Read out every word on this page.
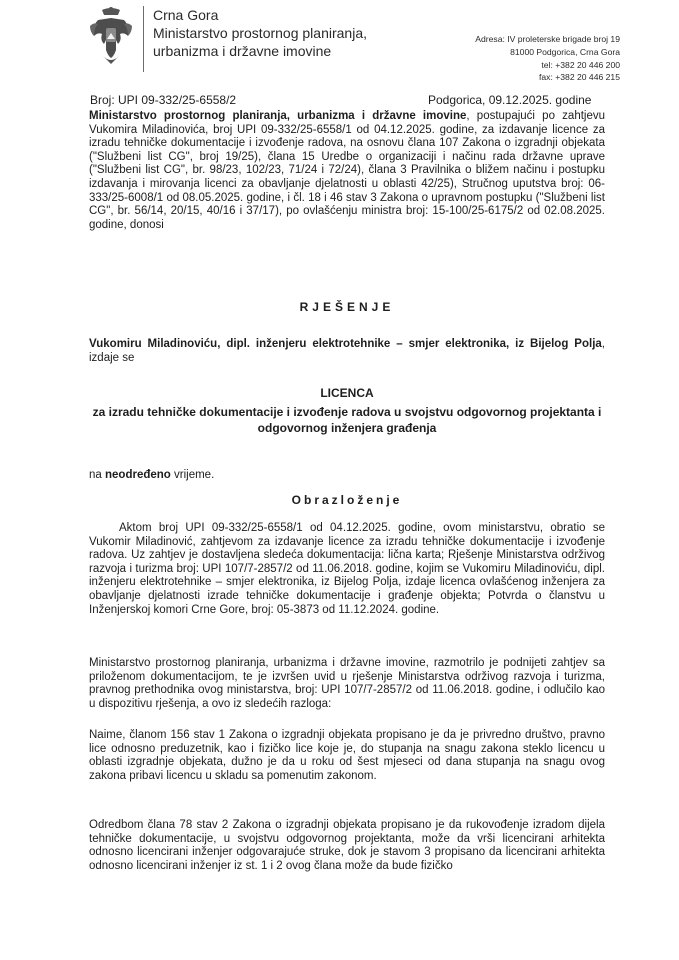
Crna Gora
Ministarstvo prostornog planiranja,
urbanizma i državne imovine
Adresa: IV proleterske brigade broj 19
81000 Podgorica, Crna Gora
tel: +382 20 446 200
fax: +382 20 446 215
Broj: UPI 09-332/25-6558/2	Podgorica, 09.12.2025. godine
Ministarstvo prostornog planiranja, urbanizma i državne imovine, postupajući po zahtjevu Vukomira Miladinovića, broj UPI 09-332/25-6558/1 od 04.12.2025. godine, za izdavanje licence za izradu tehničke dokumentacije i izvođenje radova, na osnovu člana 107 Zakona o izgradnji objekata ("Službeni list CG", broj 19/25), člana 15 Uredbe o organizaciji i načinu rada državne uprave ("Službeni list CG", br. 98/23, 102/23, 71/24 i 72/24), člana 3 Pravilnika o bližem načinu i postupku izdavanja i mirovanja licenci za obavljanje djelatnosti u oblasti 42/25), Stručnog uputstva broj: 06-333/25-6008/1 od 08.05.2025. godine, i čl. 18 i 46 stav 3 Zakona o upravnom postupku ("Službeni list CG", br. 56/14, 20/15, 40/16 i 37/17), po ovlašćenju ministra broj: 15-100/25-6175/2 od 02.08.2025. godine, donosi
RJEŠENJE
Vukomiru Miladinoviću, dipl. inženjeru elektrotehnike – smjer elektronika, iz Bijelog Polja, izdaje se
LICENCA
za izradu tehničke dokumentacije i izvođenje radova u svojstvu odgovornog projektanta i odgovornog inženjera građenja
na neodređeno vrijeme.
Obrazloženje
Aktom broj UPI 09-332/25-6558/1 od 04.12.2025. godine, ovom ministarstvu, obratio se Vukomir Miladinović, zahtjevom za izdavanje licence za izradu tehničke dokumentacije i izvođenje radova. Uz zahtjev je dostavljena sledeća dokumentacija: lična karta; Rješenje Ministarstva održivog razvoja i turizma broj: UPI 107/7-2857/2 od 11.06.2018. godine, kojim se Vukomiru Miladinoviću, dipl. inženjeru elektrotehnike – smjer elektronika, iz Bijelog Polja, izdaje licenca ovlašćenog inženjera za obavljanje djelatnosti izrade tehničke dokumentacije i građenje objekta; Potvrda o članstvu u Inženjerskoj komori Crne Gore, broj: 05-3873 od 11.12.2024. godine.
Ministarstvo prostornog planiranja, urbanizma i državne imovine, razmotrilo je podnijeti zahtjev sa priloženom dokumentacijom, te je izvršen uvid u rješenje Ministarstva održivog razvoja i turizma, pravnog prethodnika ovog ministarstva, broj: UPI 107/7-2857/2 od 11.06.2018. godine, i odlučilo kao u dispozitivu rješenja, a ovo iz sledećih razloga:
Naime, članom 156 stav 1 Zakona o izgradnji objekata propisano je da je privredno društvo, pravno lice odnosno preduzetnik, kao i fizičko lice koje je, do stupanja na snagu zakona steklo licencu u oblasti izgradnje objekata, dužno je da u roku od šest mjeseci od dana stupanja na snagu ovog zakona pribavi licencu u skladu sa pomenutim zakonom.
Odredbom člana 78 stav 2 Zakona o izgradnji objekata propisano je da rukovođenje izradom dijela tehničke dokumentacije, u svojstvu odgovornog projektanta, može da vrši licencirani arhitekta odnosno licencirani inženjer odgovarajuće struke, dok je stavom 3 propisano da licencirani arhitekta odnosno licencirani inženjer iz st. 1 i 2 ovog člana može da bude fizičko
